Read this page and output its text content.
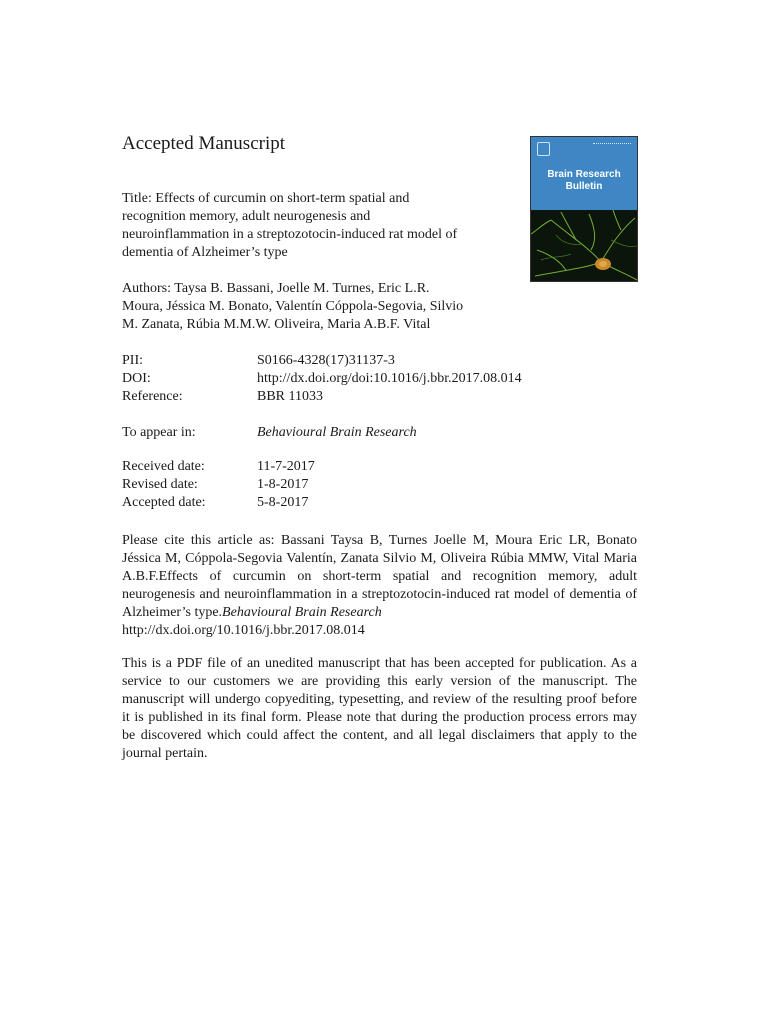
Accepted Manuscript
Brain Research
Bulletin
Title: Effects of curcumin on short-term spatial and
recognition memory, adult neurogenesis and
neuroinflammation in a streptozotocin-induced rat model of
dementia of Alzheimer’s type
Authors: Taysa B. Bassani, Joelle M. Turnes, Eric L.R.
Moura, Jéssica M. Bonato, Valentín Cóppola-Segovia, Silvio
M. Zanata, Rúbia M.M.W. Oliveira, Maria A.B.F. Vital
PII:	S0166-4328(17)31137-3
DOI:	http://dx.doi.org/doi:10.1016/j.bbr.2017.08.014
Reference:	BBR 11033
To appear in:	Behavioural Brain Research
Received date:	11-7-2017
Revised date:	1-8-2017
Accepted date:	5-8-2017

Please cite this article as: Bassani Taysa B, Turnes Joelle M, Moura Eric LR, Bonato Jéssica M, Cóppola-Segovia Valentín, Zanata Silvio M, Oliveira Rúbia MMW, Vital Maria A.B.F.Effects of curcumin on short-term spatial and recognition memory, adult neurogenesis and neuroinflammation in a streptozotocin-induced rat model of dementia of Alzheimer’s type.Behavioural Brain Research
http://dx.doi.org/10.1016/j.bbr.2017.08.014

This is a PDF file of an unedited manuscript that has been accepted for publication. As a service to our customers we are providing this early version of the manuscript. The manuscript will undergo copyediting, typesetting, and review of the resulting proof before it is published in its final form. Please note that during the production process errors may be discovered which could affect the content, and all legal disclaimers that apply to the journal pertain.
